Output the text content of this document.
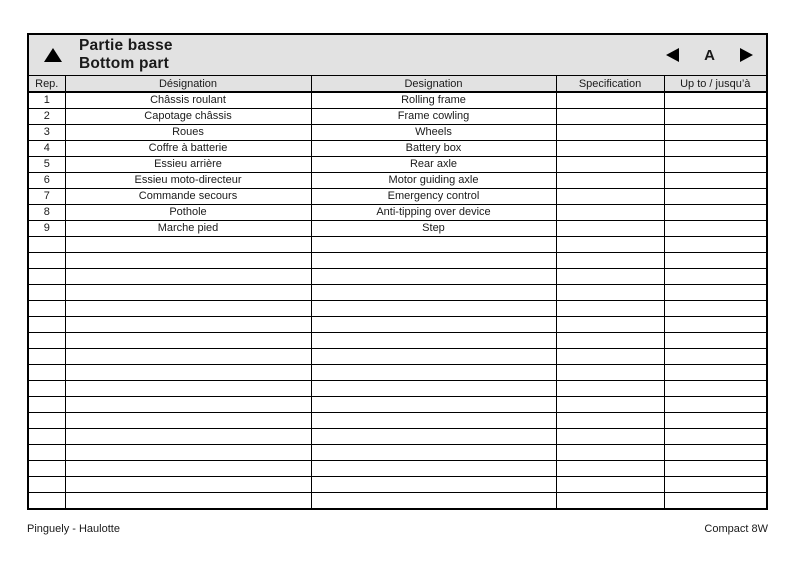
Partie basse
Bottom part	A
Rep.	Désignation	Designation	Specification	Up to / jusqu’à
1	Châssis roulant	Rolling frame		
2	Capotage châssis	Frame cowling		
3	Roues	Wheels		
4	Coffre à batterie	Battery box		
5	Essieu arrière	Rear axle		
6	Essieu moto-directeur	Motor guiding axle		
7	Commande secours	Emergency control		
8	Pothole	Anti-tipping over device		
9	Marche pied	Step		

Pinguely - Haulotte	Compact 8W
